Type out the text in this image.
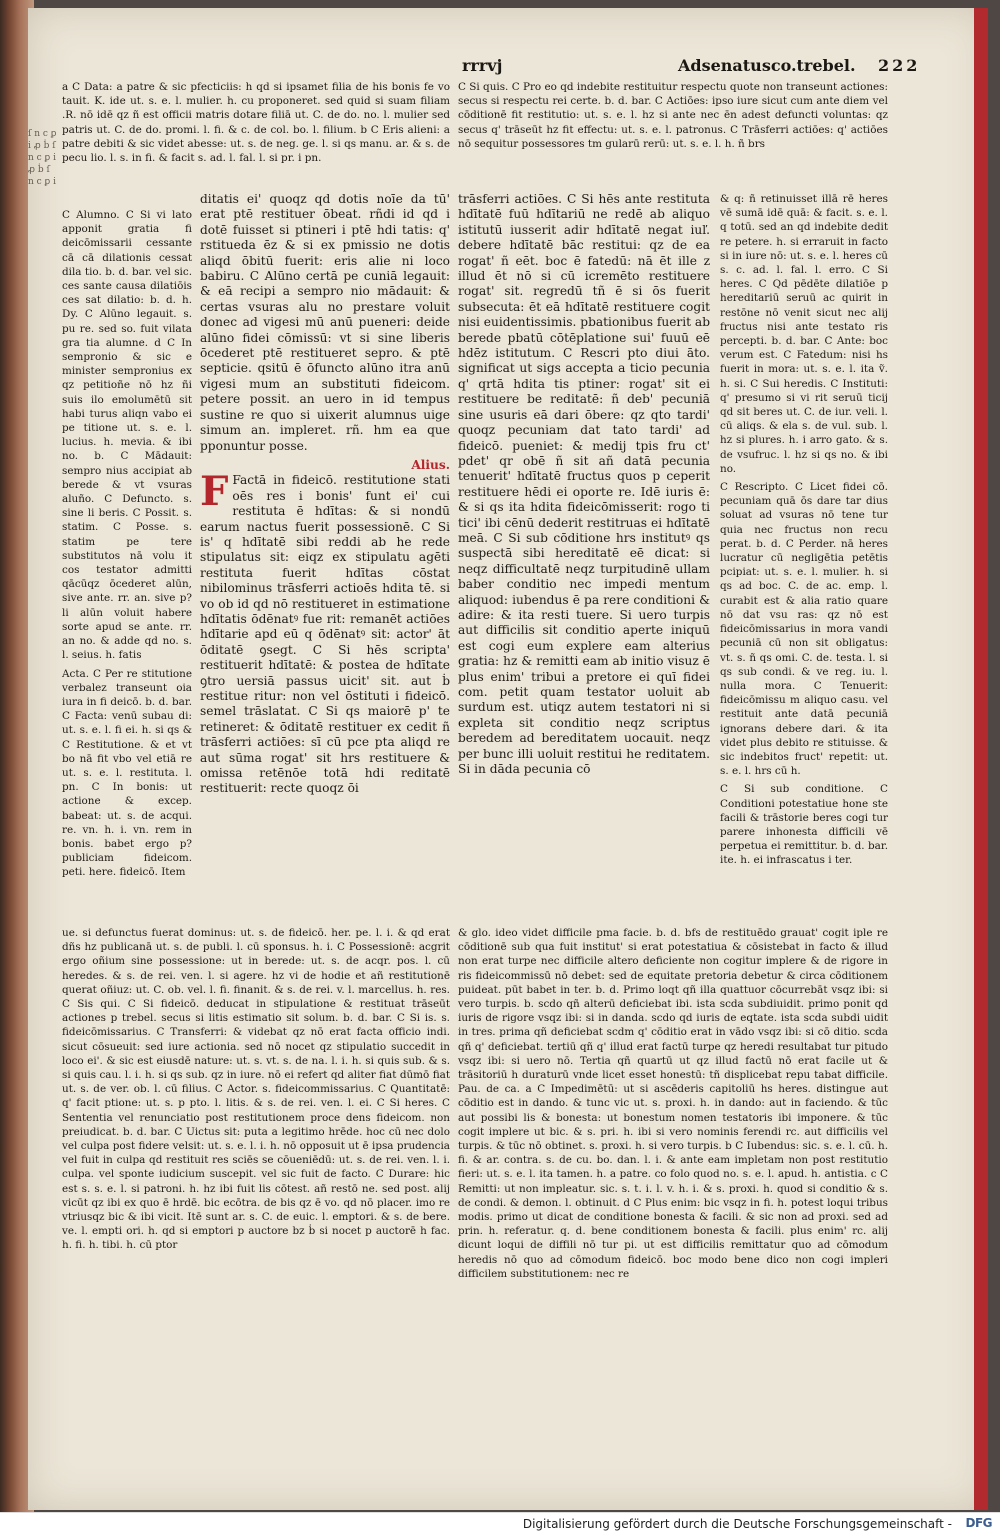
ſ n c ꝑ i ꝓ ḃ ſ n c ꝑ i ꝓ ḃ ſ n c ꝑ i
rrrvj	Adsenatusco.trebel. 222

a C Data: a patre & sic pfecticiis: h qd si ipsamet filia de his bonis fe vo tauit. K. ide ut. s. e. l. mulier. h. cu proponeret. sed quid si suam filiam .R. nō idē qz ñ est officii matris dotare filiā ut. C. de do. no. l. mulier sed patris ut. C. de do. promi. l. fi. & c. de col. bo. l. filium. b C Eris alieni: a patre debiti & sic videt abesse: ut. s. de neg. ge. l. si qs manu. ar. & s. de pecu lio. l. s. in fi. & facit s. ad. l. fal. l. si pr. i pn.

C Alumno. C Si vi lato apponit gratia fi deicōmissarii cessante cā cā dilationis cessat dila tio. b. d. bar. vel sic. ces sante causa dilatiōis ces sat dilatio: b. d. h. Dy. C Alūno legauit. s. pu re. sed so. fuit vilata gra tia alumne. d C In sempronio & sic e minister sempronius ex qz petitioñe nō hz ñi suis ilo emolumētū sit habi turus aliqn vabo ei pe titione ut. s. e. l. lucius. h. mevia. & ibi no. b. C Mādauit: sempro nius accipiat ab berede & vt vsuras aluño. C Defuncto. s. sine li beris. C Possit. s. statim. C Posse. s. statim pe tere substitutos nā volu it cos testator admitti qācūqz ōcederet alūn, sive ante. rr. an. sive p? li alūn voluit habere sorte apud se ante. rr. an no. & adde qd no. s. l. seius. h. fatis

Acta. C Per re stitutione verbalez transeunt oia iura in fi deicō. b. d. bar. C Facta: venū subau di: ut. s. e. l. fi ei. h. si qs & C Restitutione. & et vt bo nā fit vbo vel etiā re ut. s. e. l. restituta. l. pn. C In bonis: ut actione & excep. babeat: ut. s. de acqui. re. vn. h. i. vn. rem in bonis. babet ergo p? publiciam fideicom. peti. here. fideicō. Item

ditatis ei' quoqz qd dotis noīe da tū' erat ptē restituer ōbeat. rñdi id qd i dotē fuisset si ptineri i ptē hdi tatis: q' rstitueda ēz & si ex pmissio ne dotis aliqd ōbitū fuerit: eris alie ni loco babiru. C Alūno certā pe cuniā legauit: & eā recipi a sempro nio mādauit: & certas vsuras alu no prestare voluit donec ad vigesi mū anū pueneri: deide alūno fidei cōmissū: vt si sine liberis ōcederet ptē restitueret sepro. & ptē septicie. qsitū ē ōfuncto alūno itra anū vigesi mum an substituti fideicom. petere possit. an uero in id tempus sustine re quo si uixerit alumnus uige simum an. impleret. rñ. hm ea que pponuntur posse.

Alius.

F Factā in fideicō. restitutione stati oēs res i bonis' funt ei' cui restituta ē hdītas: & si nondū earum nactus fuerit possessionē. C Si is' q hdītatē sibi reddi ab he rede stipulatus sit: eiqz ex stipulatu agēti restituta fuerit hdītas cōstat nibilominus trāsferri actioēs hdita tē. si vo ob id qd nō restitueret in estimatione hdītatis ōdēnatꝰ fue rit: remanēt actiōes hdītarie apd eū q ōdēnatꝰ sit: actor' āt ōditatē ꝯsegt. C Si hēs scripta' restituerit hdītatē: & postea de hdītate ꝯtro uersiā passus uicit' sit. aut ḃ restitue ritur: non vel ōstituti i fideicō. semel trāslatat. C Si qs maiorē p' te retineret: & ōditatē restituer ex cedit ñ trāsferri actiōes: sī cū pce pta aliqd re aut sūma rogat' sit hrs restituere & omissa retēnōe totā hdi reditatē restituerit: recte quoqz ōi

C Si quis. C Pro eo qd indebite restituitur respectu quote non transeunt actiones: secus si respectu rei certe. b. d. bar. C Actiōes: ipso iure sicut cum ante diem vel cōditionē fit restitutio: ut. s. e. l. hz si ante nec ēn adest defuncti voluntas: qz secus q' trāseūt hz fit effectu: ut. s. e. l. patronus. C Trāsferri actiōes: q' actiōes nō sequitur possessores tm gularū rerū: ut. s. e. l. h. ñ brs

trāsferri actiōes. C Si hēs ante restituta hdītatē fuū hdītariū ne redē ab aliquo istitutū iusserit adir hdītatē negat iuľ. debere hdītatē bāc restitui: qz de ea rogat' ñ eēt. boc ē fatedū: nā ēt ille z illud ēt nō si cū icremēto restituere rogat' sit. regredū tñ ē si ōs fuerit subsecuta: ēt eā hdītatē restituere cogit nisi euidentissimis. pbationibus fuerit ab berede pbatū cōtēplatione sui' fuuū eē hdēz istitutum. C Rescri pto diui āto. significat ut sigs accepta a ticio pecunia q' qrtā hdita tis ptiner: rogat' sit ei restituere be reditatē: ñ deb' pecuniā sine usuris eā dari ōbere: qz qto tardi' quoqz pecuniam dat tato tardi' ad fideicō. pueniet: & medij tpis fru ct' pdet' qr obē ñ sit añ datā pecunia tenuerit' hdītatē fructus quos p ceperit restituere hēdi ei oporte re. Idē iuris ē: & si qs ita hdita fideicōmisserit: rogo ti tici' ibi cēnū dederit restitruas ei hdītatē meā. C Si sub cōditione hrs institutꝰ qs suspectā sibi hereditatē eē dicat: si neqz difficultatē neqz turpitudinē ullam baber conditio nec impedi mentum aliquod: iubendus ē pa rere conditioni & adire: & ita resti tuere. Si uero turpis aut difficilis sit conditio aperte iniquū est cogi eum explere eam alterius gratia: hz & remitti eam ab initio visuz ē plus enim' tribui a pretore ei quī fidei com. petit quam testator uoluit ab surdum est. utiqz autem testatori ni si expleta sit conditio neqz scriptus beredem ad bereditatem uocauit. neqz per bunc illi uoluit restitui he reditatem. Si in dāda pecunia cō

& q: ñ retinuisset illā rē heres vē sumā idē quā: & facit. s. e. l. q totū. sed an qd indebite dedit re petere. h. si erraruit in facto si in iure nō: ut. s. e. l. heres cū s. c. ad. l. fal. l. erro. C Si heres. C Qd pēdēte dilatiōe p hereditariū seruū ac quirit in restōne nō venit sicut nec alij fructus nisi ante testato ris percepti. b. d. bar. C Ante: boc verum est. C Fatedum: nisi hs fuerit in mora: ut. s. e. l. ita ṽ. h. si. C Sui heredis. C Instituti: q' presumo si vi rit seruū ticij qd sit beres ut. C. de iur. veli. l. cū aliqs. & ela s. de vul. sub. l. hz si plures. h. i arro gato. & s. de vsufruc. l. hz si qs no. & ibi no.

C Rescripto. C Licet fidei cō. pecuniam quā ōs dare tar dius soluat ad vsuras nō tene tur quia nec fructus non recu perat. b. d. C Perder. nā heres lucratur cū negligētia petētis pcipiat: ut. s. e. l. mulier. h. si qs ad boc. C. de ac. emp. l. curabit est & alia ratio quare nō dat vsu ras: qz nō est fideicōmissarius in mora vandi pecuniā cū non sit obligatus: vt. s. ñ qs omi. C. de. testa. l. si qs sub condi. & ve reg. iu. l. nulla mora. C Tenuerit: fideicōmissu m aliquo casu. vel restituit ante datā pecuniā ignorans debere dari. & ita videt plus debito re stituisse. & sic indebitos fruct' repetit: ut. s. e. l. hrs cū h.

C Si sub conditione. C Conditioni potestatiue hone ste facili & trāstorie beres cogi tur parere inhonesta difficili vē perpetua ei remittitur. b. d. bar. ite. h. ei infrascatus i ter.

ue. si defunctus fuerat dominus: ut. s. de fideicō. her. pe. l. i. & qd erat dñs hz publicanā ut. s. de publi. l. cū sponsus. h. i. C Possessionē: acgrit ergo oñium sine possessione: ut in berede: ut. s. de acqr. pos. l. cū heredes. & s. de rei. ven. l. si agere. hz vi de hodie et añ restitutionē querat oñiuz: ut. C. ob. vel. l. fi. finanit. & s. de rei. v. l. marcellus. h. res. C Sis qui. C Si fideicō. deducat in stipulatione & restituat trāseūt actiones p trebel. secus si litis estimatio sit solum. b. d. bar. C Si is. s. fideicōmissarius. C Transferri: & videbat qz nō erat facta officio indi. sicut cōsueuit: sed iure actionia. sed nō nocet qz stipulatio succedit in loco ei'. & sic est eiusdē nature: ut. s. vt. s. de na. l. i. h. si quis sub. & s. si quis cau. l. i. h. si qs sub. qz in iure. nō ei refert qd aliter fiat dūmō fiat ut. s. de ver. ob. l. cū filius. C Actor. s. fideicommissarius. C Quantitatē: q' facit ptione: ut. s. p pto. l. litis. & s. de rei. ven. l. ei. C Si heres. C Sententia vel renunciatio post restitutionem proce dens fideicom. non preiudicat. b. d. bar. C Uictus sit: puta a legitimo hrēde. hoc cū nec dolo vel culpa post fidere velsit: ut. s. e. l. i. h. nō opposuit ut ē ipsa prudencia vel fuit in culpa qd restituit res sciēs se cōueniēdū: ut. s. de rei. ven. l. i. culpa. vel sponte iudicium suscepit. vel sic fuit de facto. C Durare: hic est s. s. e. l. si patroni. h. hz ibi fuit lis cōtest. añ restō ne. sed post. alij vicūt qz ibi ex quo ē hrdē. bic ecōtra. de bis qz ē vo. qd nō placer. imo re vtriusqz bic & ibi vicit. Itē sunt ar. s. C. de euic. l. emptori. & s. de bere. ve. l. empti ori. h. qd si emptori p auctore bz ḃ si nocet p auctorē h fac. h. fi. h. tibi. h. cū ptor

& glo. ideo videt difficile pma facie. b. d. bfs de restituēdo grauat' cogit iple re cōditionē sub qua fuit institut' si erat potestatiua & cōsistebat in facto & illud non erat turpe nec difficile altero deficiente non cogitur implere & de rigore in ris fideicommissū nō debet: sed de equitate pretoria debetur & circa cōditionem puideat. pūt babet in ter. b. d. Primo loqt qñ illa quattuor cōcurrebāt vsqz ibi: si vero turpis. b. scdo qñ alterū deficiebat ibi. ista scda subdiuidit. primo ponit qd iuris de rigore vsqz ibi: si in danda. scdo qd iuris de eqtate. ista scda subdi uidit in tres. prima qñ deficiebat scdm q' cōditio erat in vādo vsqz ibi: si cō ditio. scda qñ q' deficiebat. tertiū qñ q' illud erat factū turpe qz heredi resultabat tur pitudo vsqz ibi: si uero nō. Tertia qñ quartū ut qz illud factū nō erat facile ut & trāsitoriū h duraturū vnde licet esset honestū: tñ displicebat repu tabat difficile. Pau. de ca. a C Impedimētū: ut si ascēderis capitoliū hs heres. distingue aut cōditio est in dando. & tunc vic ut. s. proxi. h. in dando: aut in faciendo. & tūc aut possibi lis & bonesta: ut bonestum nomen testatoris ibi imponere. & tūc cogit implere ut bic. & s. pri. h. ibi si vero nominis ferendi rc. aut difficilis vel turpis. & tūc nō obtinet. s. proxi. h. si vero turpis. b C Iubendus: sic. s. e. l. cū. h. fi. & ar. contra. s. de cu. bo. dan. l. i. & ante eam impletam non post restitutio fieri: ut. s. e. l. ita tamen. h. a patre. co folo quod no. s. e. l. apud. h. antistia. c C Remitti: ut non impleatur. sic. s. t. i. l. v. h. i. & s. proxi. h. quod si conditio & s. de condi. & demon. l. obtinuit. d C Plus enim: bic vsqz in fi. h. potest loqui tribus modis. primo ut dicat de conditione bonesta & facili. & sic non ad proxi. sed ad prin. h. referatur. q. d. bene conditionem bonesta & facili. plus enim' rc. alij dicunt loqui de diffili nō tur pi. ut est difficilis remittatur quo ad cōmodum heredis nō quo ad cōmodum fideicō. boc modo bene dico non cogi impleri difficilem substitutionem: nec re

Digitalisierung gefördert durch die Deutsche Forschungsgemeinschaft - DFG
